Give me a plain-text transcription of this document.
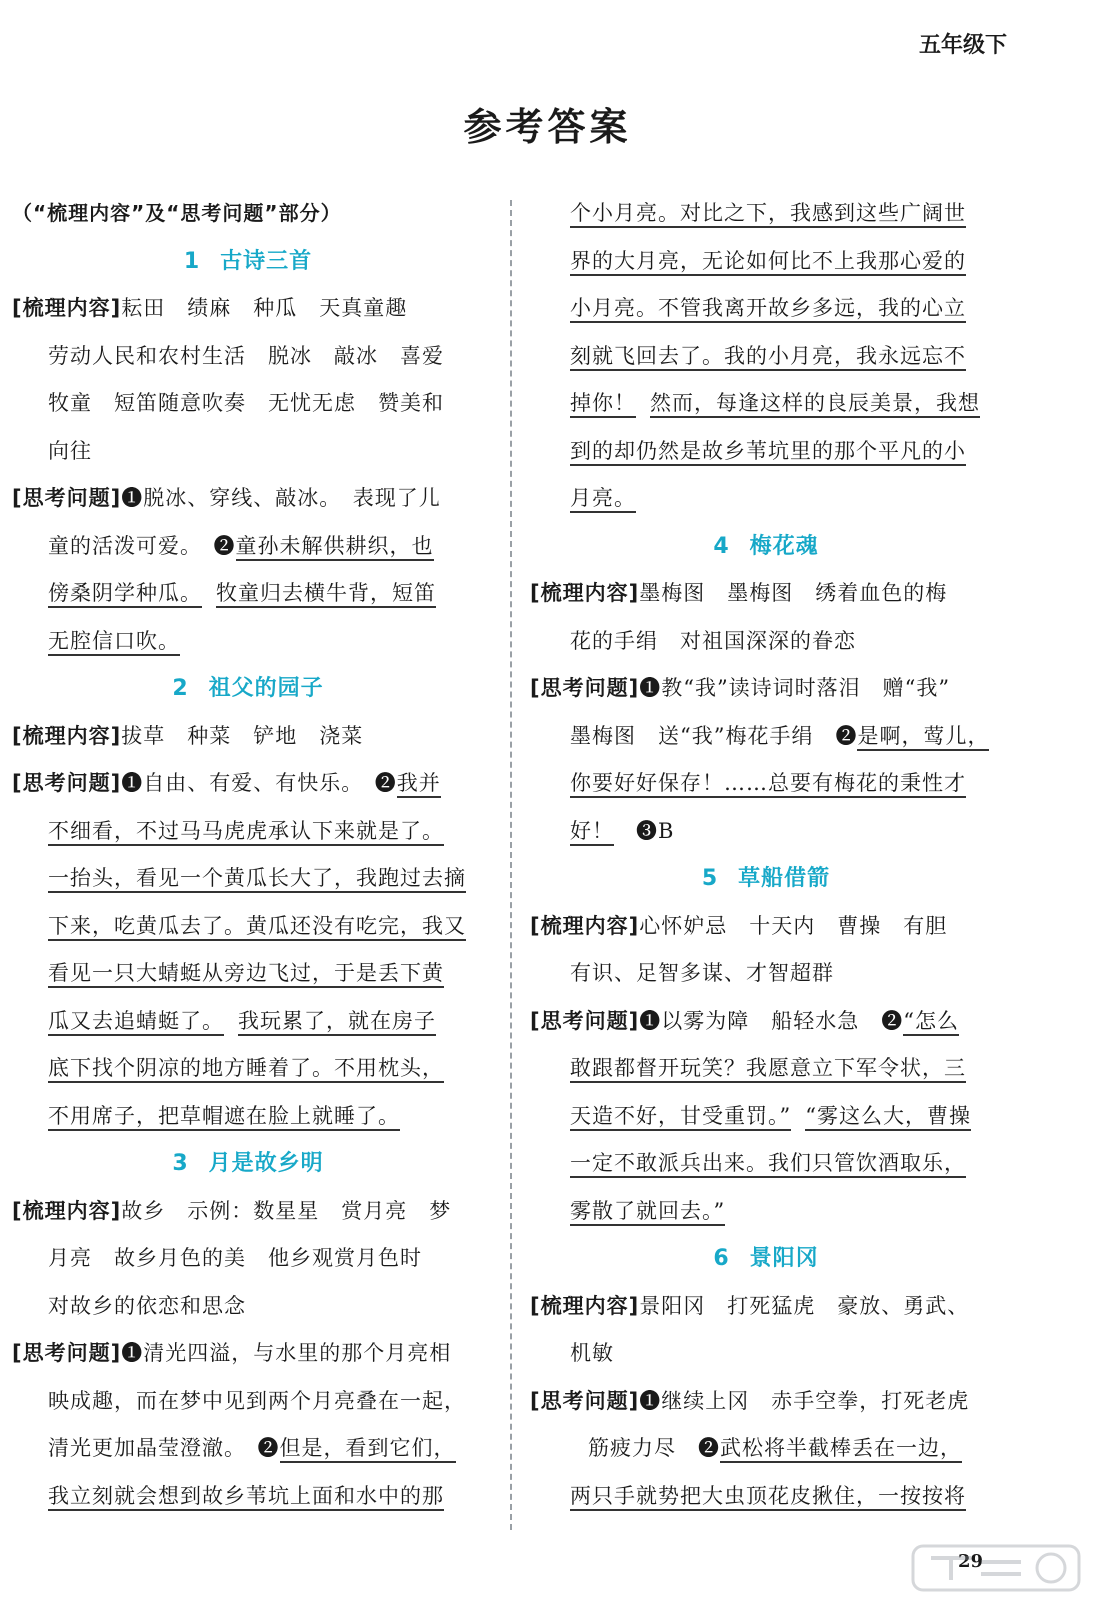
五年级下
参考答案
（“梳理内容”及“思考问题”部分）
1 古诗三首
[梳理内容]耘田　绩麻　种瓜　天真童趣
劳动人民和农村生活　脱冰　敲冰　喜爱
牧童　短笛随意吹奏　无忧无虑　赞美和
向往
[思考问题]❶脱冰、穿线、敲冰。　表现了儿
童的活泼可爱。　❷童孙未解供耕织，也
傍桑阴学种瓜。 牧童归去横牛背，短笛
无腔信口吹。
2 祖父的园子
[梳理内容]拔草　种菜　铲地　浇菜
[思考问题]❶自由、有爱、有快乐。　❷我并
不细看，不过马马虎虎承认下来就是了。
一抬头，看见一个黄瓜长大了，我跑过去摘
下来，吃黄瓜去了。黄瓜还没有吃完，我又
看见一只大蜻蜓从旁边飞过，于是丢下黄
瓜又去追蜻蜓了。 我玩累了，就在房子
底下找个阴凉的地方睡着了。不用枕头，
不用席子，把草帽遮在脸上就睡了。
3 月是故乡明
[梳理内容]故乡　示例：数星星　赏月亮　梦
月亮　故乡月色的美　他乡观赏月色时
对故乡的依恋和思念
[思考问题]❶清光四溢，与水里的那个月亮相
映成趣，而在梦中见到两个月亮叠在一起，
清光更加晶莹澄澈。　❷但是，看到它们，
我立刻就会想到故乡苇坑上面和水中的那
个小月亮。对比之下，我感到这些广阔世
界的大月亮，无论如何比不上我那心爱的
小月亮。不管我离开故乡多远，我的心立
刻就飞回去了。我的小月亮，我永远忘不
掉你！ 然而，每逢这样的良辰美景，我想
到的却仍然是故乡苇坑里的那个平凡的小
月亮。
4 梅花魂
[梳理内容]墨梅图　墨梅图　绣着血色的梅
花的手绢　对祖国深深的眷恋
[思考问题]❶教“我”读诗词时落泪　赠“我”
墨梅图　送“我”梅花手绢　❷是啊，莺儿，
你要好好保存！……总要有梅花的秉性才
好！　❸B
5 草船借箭
[梳理内容]心怀妒忌　十天内　曹操　有胆
有识、足智多谋、才智超群
[思考问题]❶以雾为障　船轻水急　❷“怎么
敢跟都督开玩笑？我愿意立下军令状，三
天造不好，甘受重罚。” “雾这么大，曹操
一定不敢派兵出来。我们只管饮酒取乐，
雾散了就回去。”
6 景阳冈
[梳理内容]景阳冈　打死猛虎　豪放、勇武、
机敏
[思考问题]❶继续上冈　赤手空拳，打死老虎
筋疲力尽　❷武松将半截棒丢在一边，
两只手就势把大虫顶花皮揪住，一按按将
29
